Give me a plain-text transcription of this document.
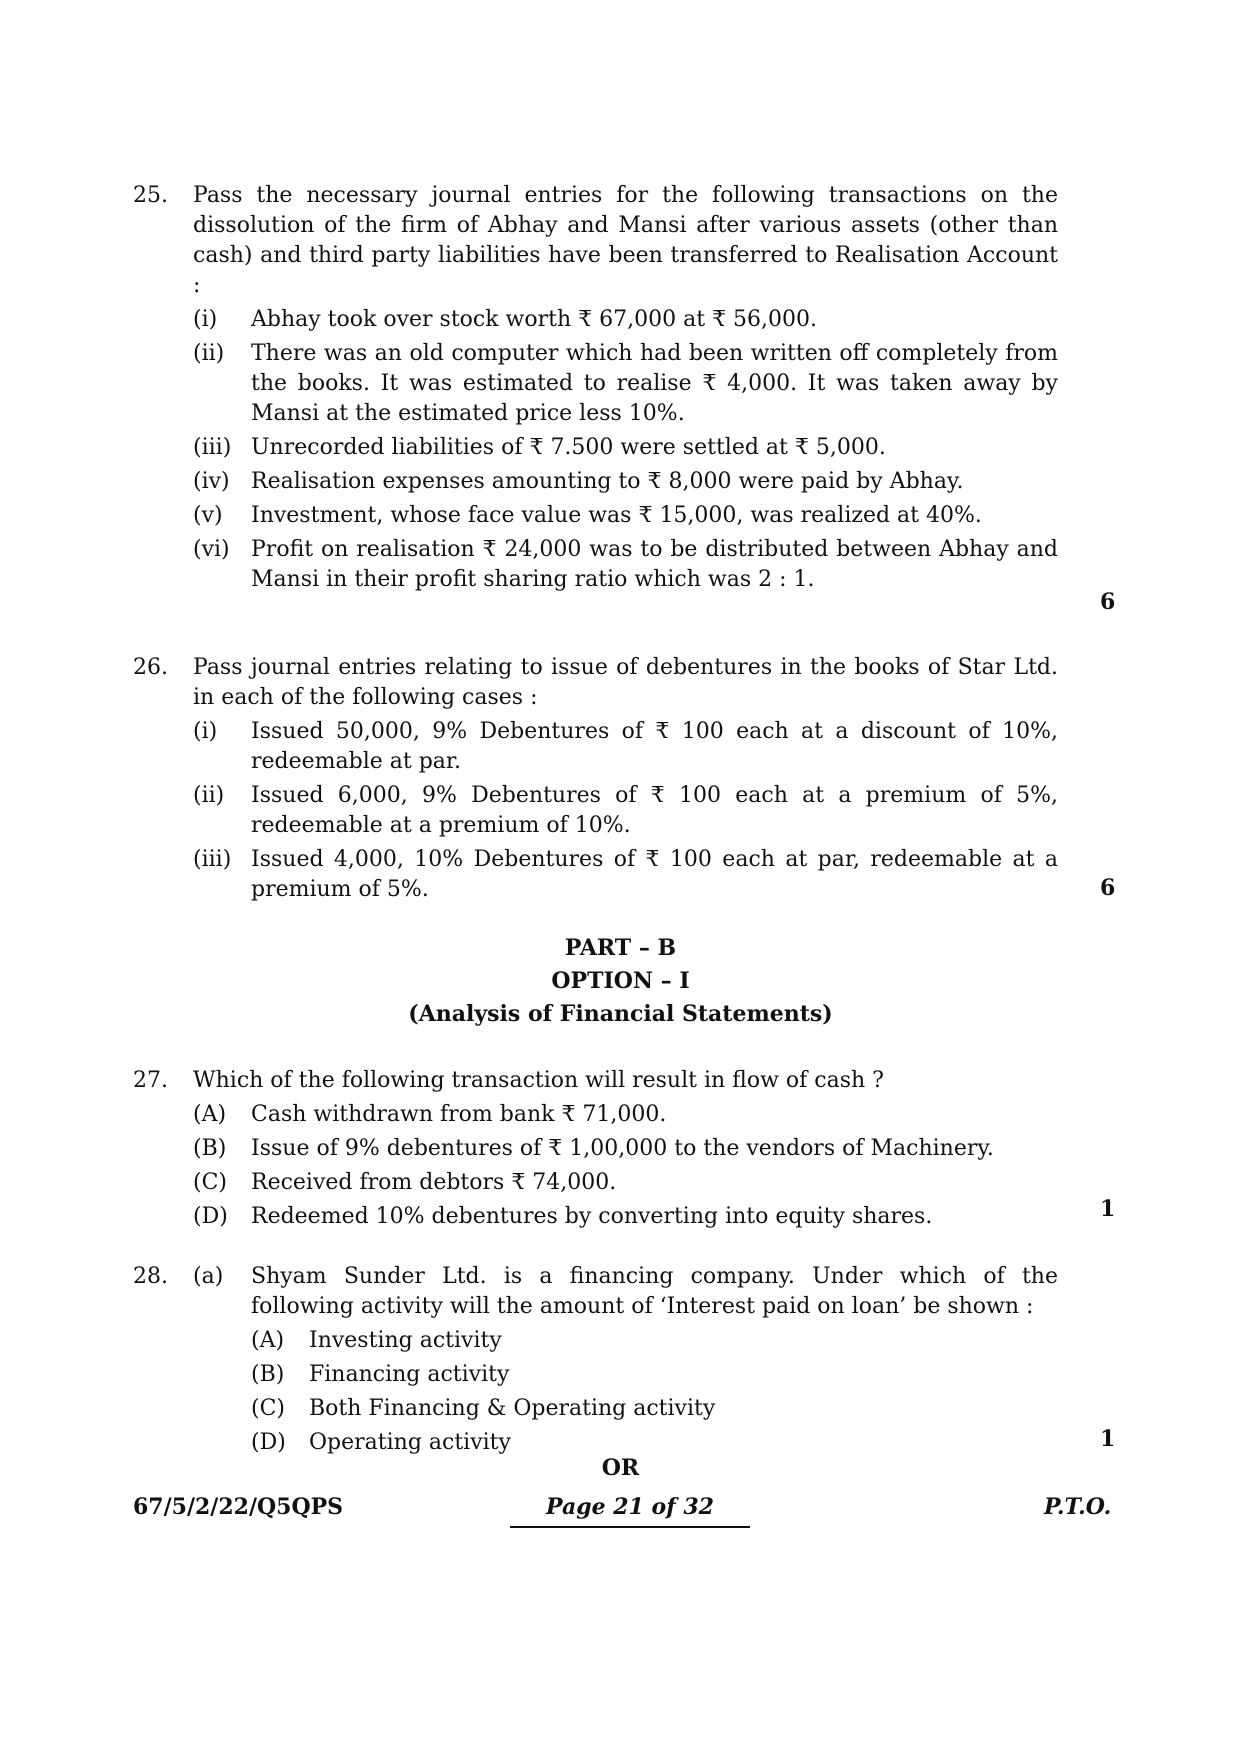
25. Pass the necessary journal entries for the following transactions on the dissolution of the firm of Abhay and Mansi after various assets (other than cash) and third party liabilities have been transferred to Realisation Account :
(i) Abhay took over stock worth ₹ 67,000 at ₹ 56,000.
(ii) There was an old computer which had been written off completely from the books. It was estimated to realise ₹ 4,000. It was taken away by Mansi at the estimated price less 10%.
(iii) Unrecorded liabilities of ₹ 7.500 were settled at ₹ 5,000.
(iv) Realisation expenses amounting to ₹ 8,000 were paid by Abhay.
(v) Investment, whose face value was ₹ 15,000, was realized at 40%.
(vi) Profit on realisation ₹ 24,000 was to be distributed between Abhay and Mansi in their profit sharing ratio which was 2 : 1.
6
26. Pass journal entries relating to issue of debentures in the books of Star Ltd. in each of the following cases :
(i) Issued 50,000, 9% Debentures of ₹ 100 each at a discount of 10%, redeemable at par.
(ii) Issued 6,000, 9% Debentures of ₹ 100 each at a premium of 5%, redeemable at a premium of 10%.
(iii) Issued 4,000, 10% Debentures of ₹ 100 each at par, redeemable at a premium of 5%.	6
PART – B
OPTION – I
(Analysis of Financial Statements)
27. Which of the following transaction will result in flow of cash ?
(A) Cash withdrawn from bank ₹ 71,000.
(B) Issue of 9% debentures of ₹ 1,00,000 to the vendors of Machinery.
(C) Received from debtors ₹ 74,000.
(D) Redeemed 10% debentures by converting into equity shares.	1
28. (a) Shyam Sunder Ltd. is a financing company. Under which of the following activity will the amount of ‘Interest paid on loan’ be shown :
(A) Investing activity
(B) Financing activity
(C) Both Financing & Operating activity
(D) Operating activity	1
OR
67/5/2/22/Q5QPS	Page 21 of 32	P.T.O.
